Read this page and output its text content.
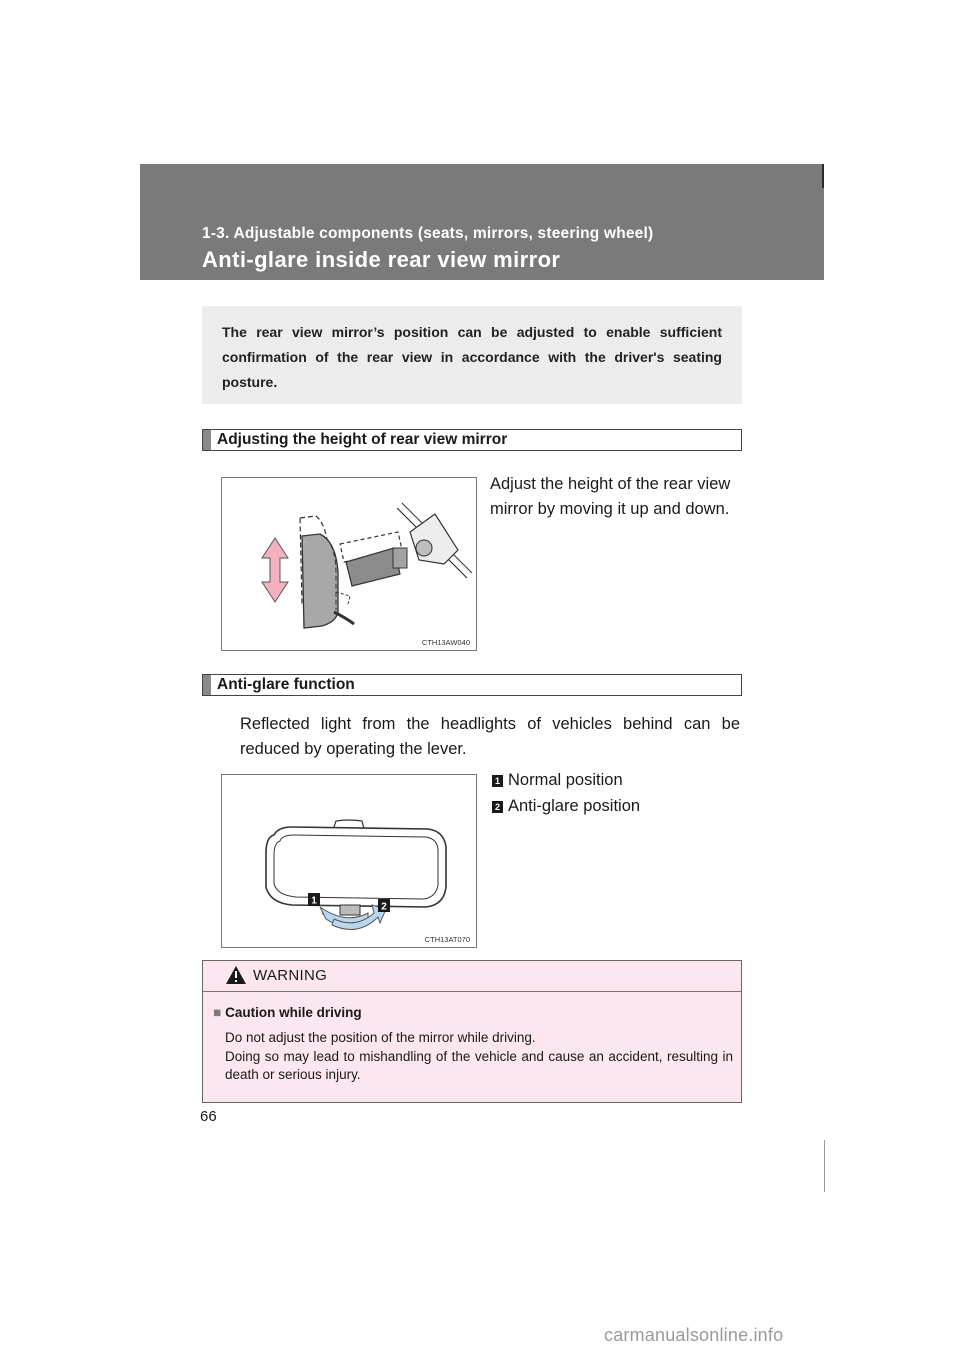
1-3. Adjustable components (seats, mirrors, steering wheel)
Anti-glare inside rear view mirror

The rear view mirror’s position can be adjusted to enable sufficient confirmation of the rear view in accordance with the driver's seating posture.

Adjusting the height of rear view mirror
CTH13AW040
Adjust the height of the rear view
mirror by moving it up and down.
Anti-glare function

Reflected light from the headlights of vehicles behind can be reduced by operating the lever.

1
2
CTH13AT070
1 Normal position
2 Anti-glare position
WARNING
■ Caution while driving

Do not adjust the position of the mirror while driving.

Doing so may lead to mishandling of the vehicle and cause an accident, resulting in death or serious injury.

66
carmanualsonline.info
